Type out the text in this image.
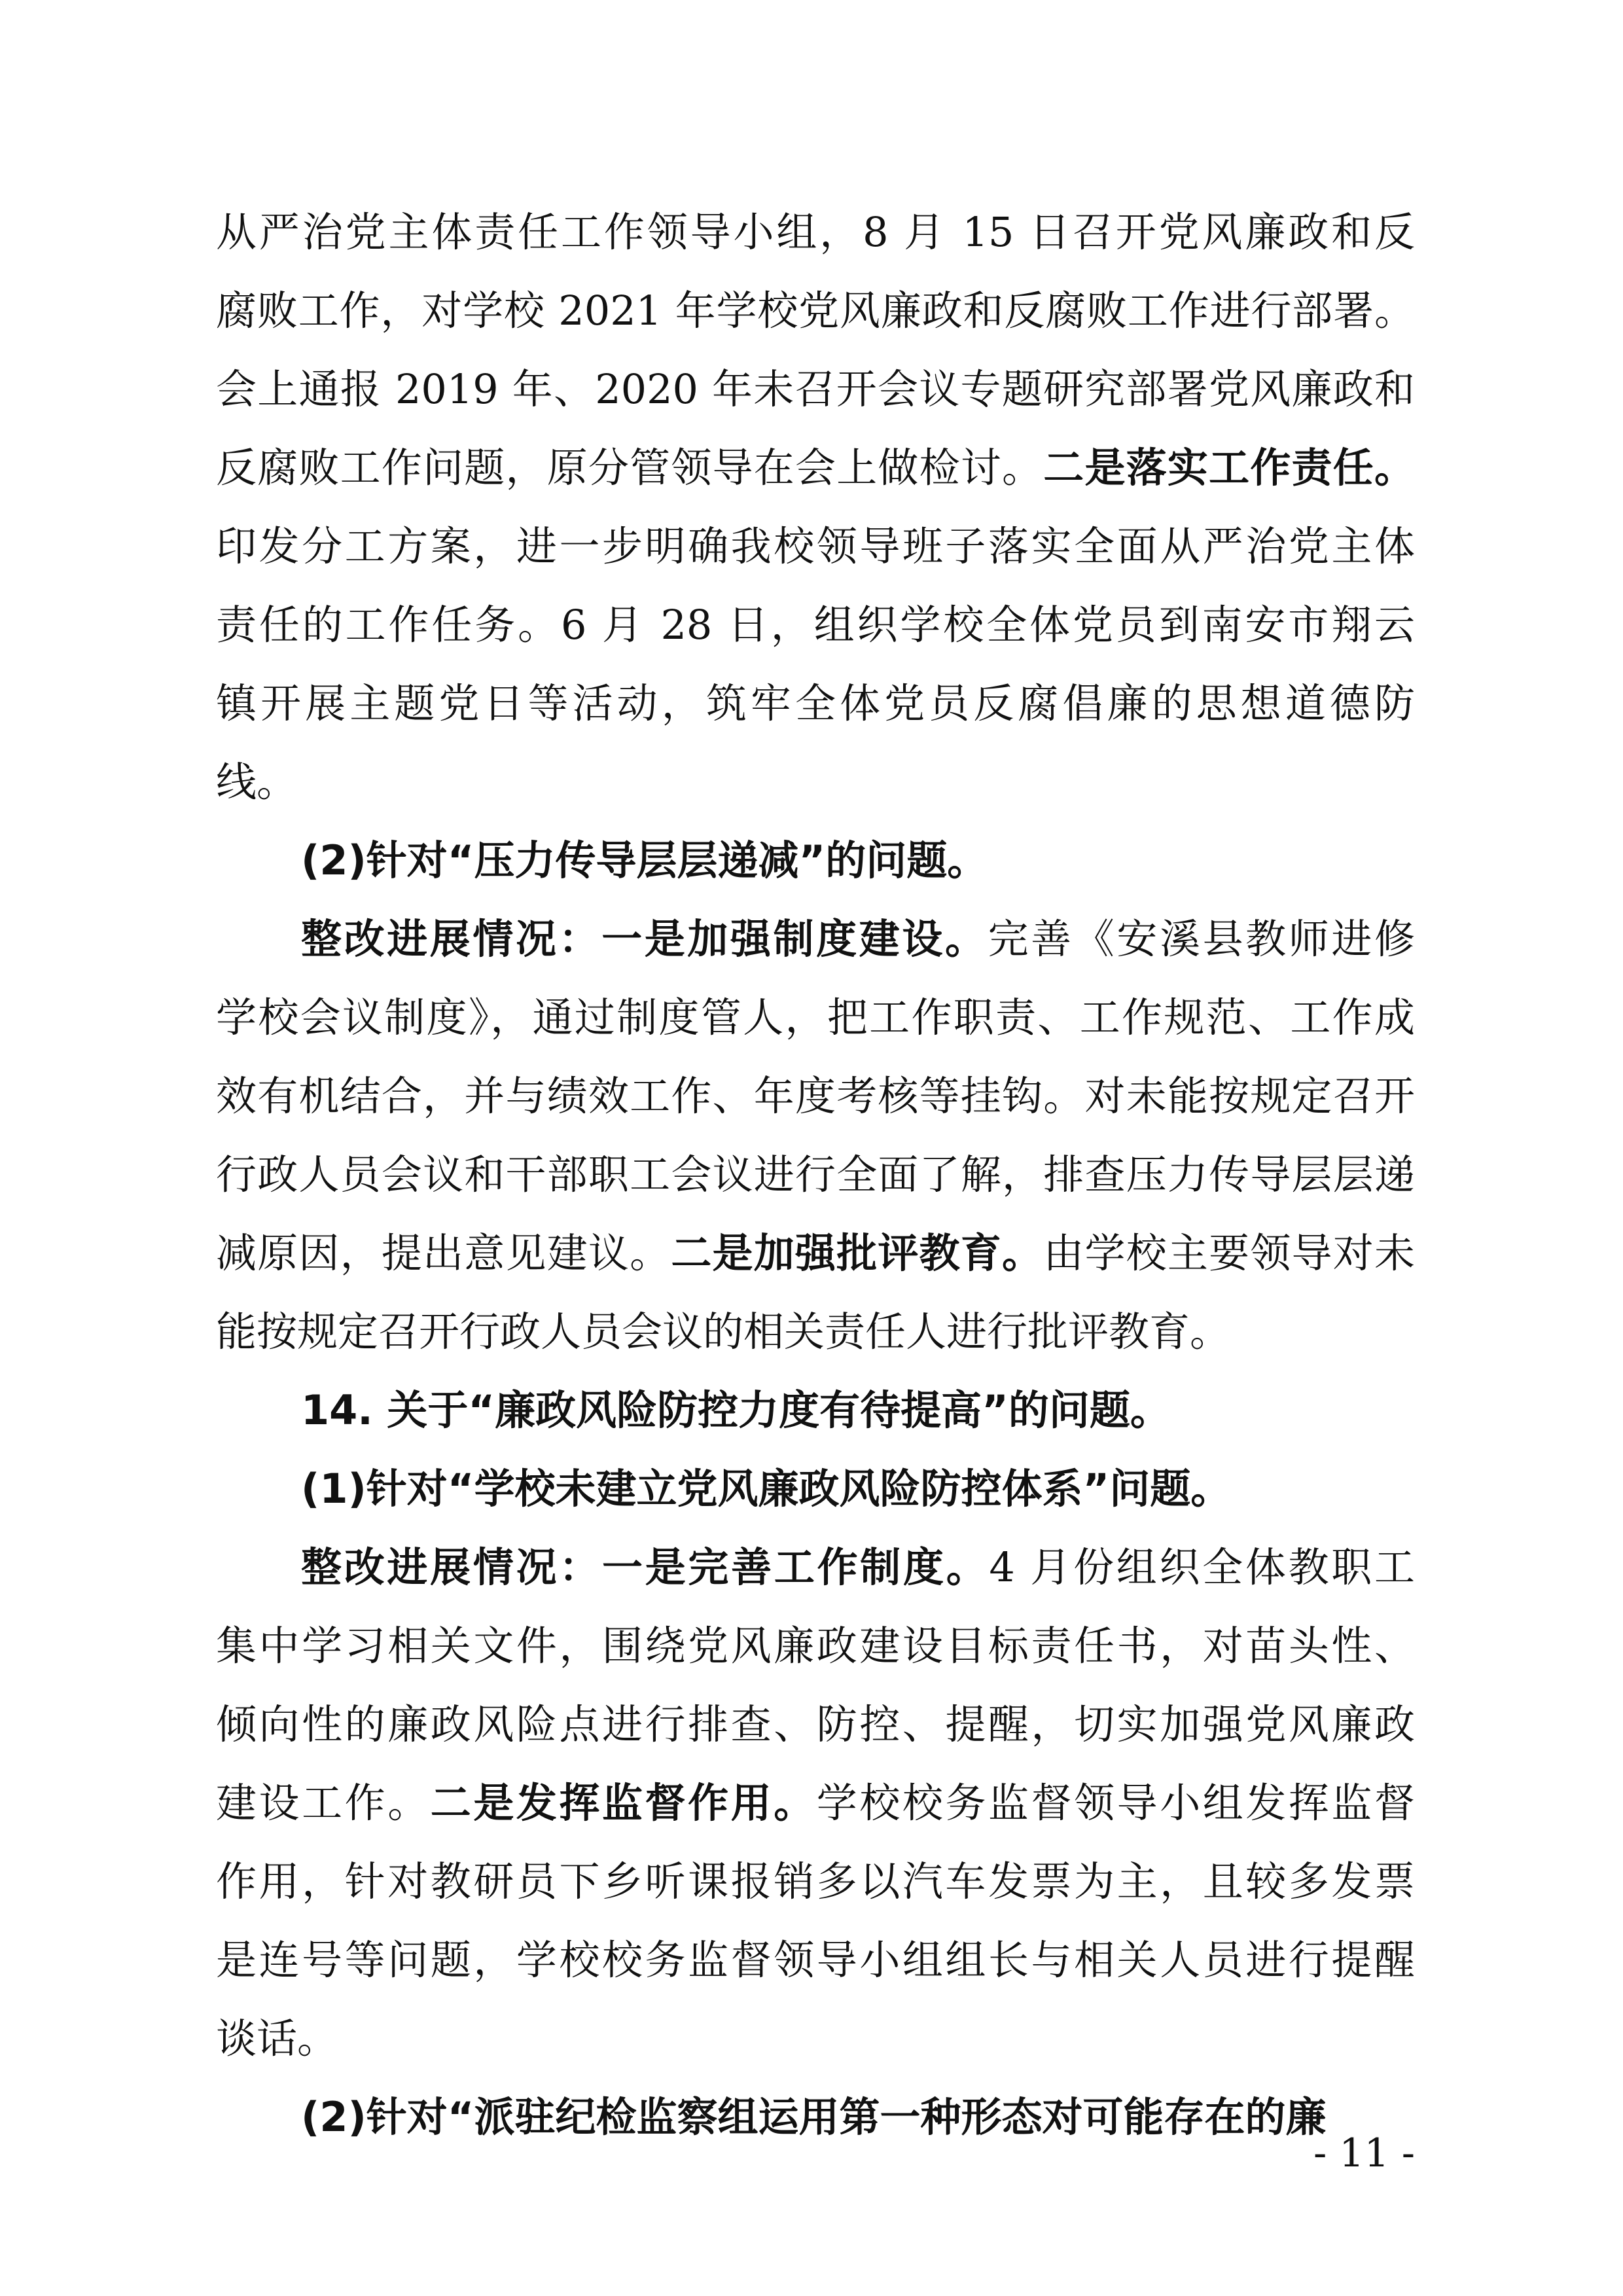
从严治党主体责任工作领导小组，8 月 15 日召开党风廉政和反
腐败工作，对学校 2021 年学校党风廉政和反腐败工作进行部署。
会上通报 2019 年、2020 年未召开会议专题研究部署党风廉政和
反腐败工作问题，原分管领导在会上做检讨。二是落实工作责任。
印发分工方案，进一步明确我校领导班子落实全面从严治党主体
责任的工作任务。6 月 28 日，组织学校全体党员到南安市翔云
镇开展主题党日等活动，筑牢全体党员反腐倡廉的思想道德防
线。
(2)针对“压力传导层层递减”的问题。
整改进展情况：一是加强制度建设。完善《安溪县教师进修
学校会议制度》，通过制度管人，把工作职责、工作规范、工作成
效有机结合，并与绩效工作、年度考核等挂钩。对未能按规定召开
行政人员会议和干部职工会议进行全面了解，排查压力传导层层递
减原因，提出意见建议。二是加强批评教育。由学校主要领导对未
能按规定召开行政人员会议的相关责任人进行批评教育。
14. 关于“廉政风险防控力度有待提高”的问题。
(1)针对“学校未建立党风廉政风险防控体系”问题。
整改进展情况：一是完善工作制度。4 月份组织全体教职工
集中学习相关文件，围绕党风廉政建设目标责任书，对苗头性、
倾向性的廉政风险点进行排查、防控、提醒，切实加强党风廉政
建设工作。二是发挥监督作用。学校校务监督领导小组发挥监督
作用，针对教研员下乡听课报销多以汽车发票为主，且较多发票
是连号等问题，学校校务监督领导小组组长与相关人员进行提醒
谈话。
(2)针对“派驻纪检监察组运用第一种形态对可能存在的廉
- 11 -
